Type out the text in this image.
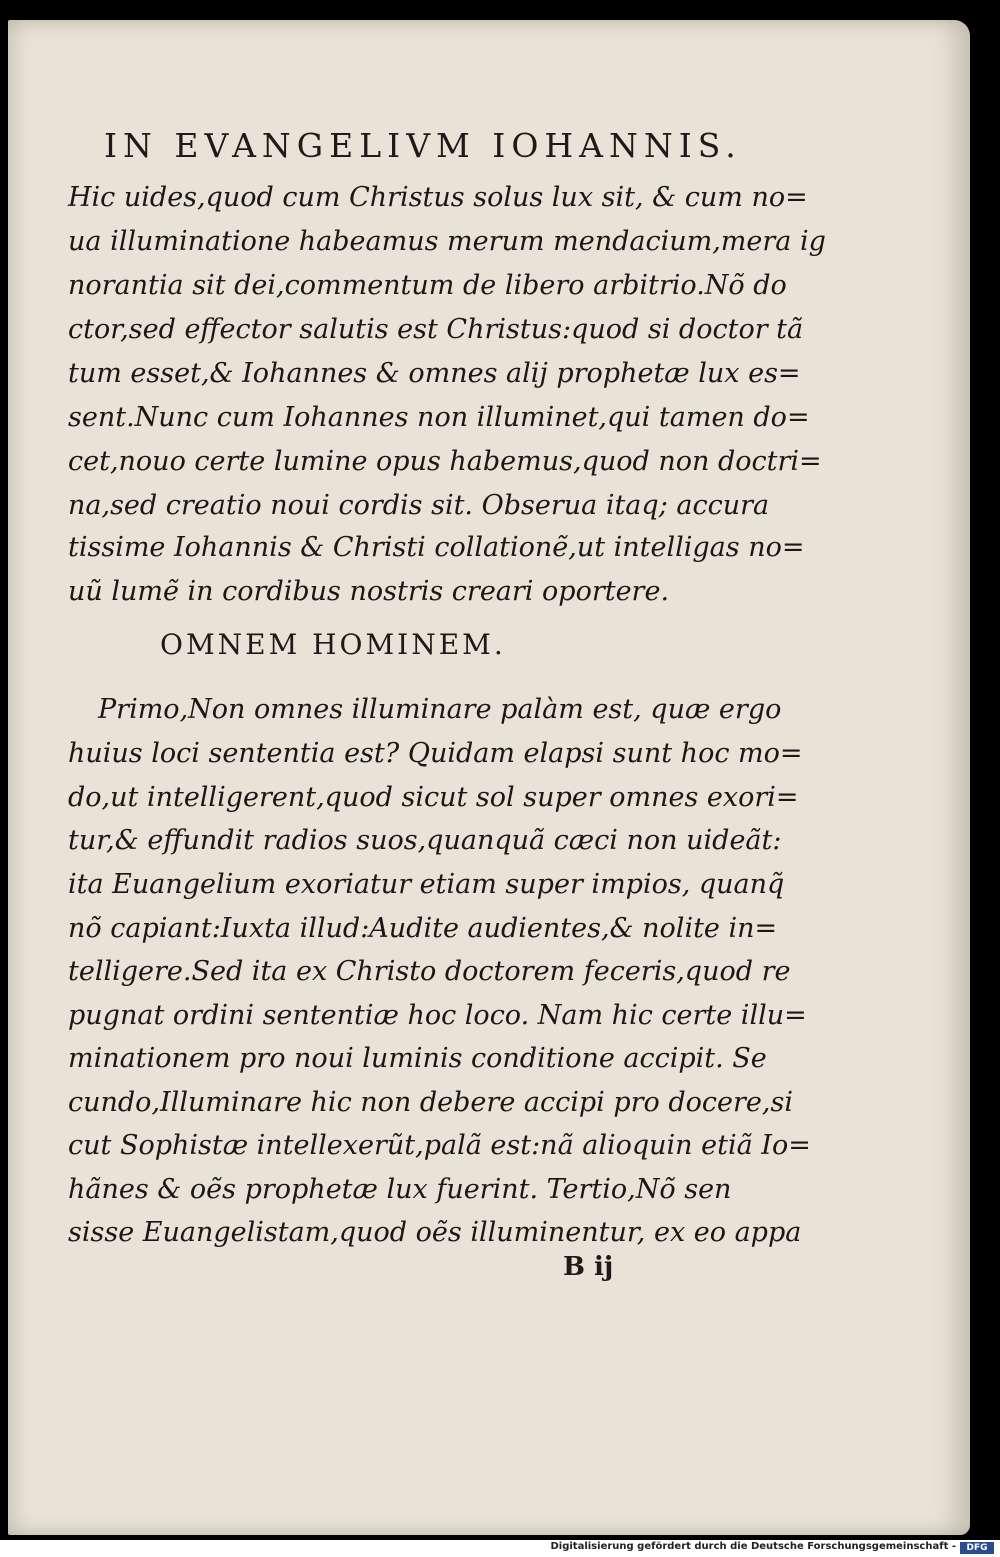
IN EVANGELIVM IOHANNIS.
Hic uides,quod cum Christus solus lux sit, & cum no=
ua illuminatione habeamus merum mendacium,mera ig
norantia sit dei,commentum de libero arbitrio.Nõ do
ctor,sed effector salutis est Christus:quod si doctor tã
tum esset,& Iohannes & omnes alij prophetæ lux es=
sent.Nunc cum Iohannes non illuminet,qui tamen do=
cet,nouo certe lumine opus habemus,quod non doctri=
na,sed creatio noui cordis sit. Obserua itaq; accura
tissime Iohannis & Christi collationẽ,ut intelligas no=
uũ lumẽ in cordibus nostris creari oportere.
OMNEM HOMINEM.
Primo,Non omnes illuminare palàm est, quæ ergo
huius loci sententia est? Quidam elapsi sunt hoc mo=
do,ut intelligerent,quod sicut sol super omnes exori=
tur,& effundit radios suos,quanquã cæci non uideãt:
ita Euangelium exoriatur etiam super impios, quanq̃
nõ capiant:Iuxta illud:Audite audientes,& nolite in=
telligere.Sed ita ex Christo doctorem feceris,quod re
pugnat ordini sententiæ hoc loco. Nam hic certe illu=
minationem pro noui luminis conditione accipit. Se
cundo,Illuminare hic non debere accipi pro docere,si
cut Sophistæ intellexerũt,palã est:nã alioquin etiã Io=
hãnes & oẽs prophetæ lux fuerint. Tertio,Nõ sen
sisse Euangelistam,quod oẽs illuminentur, ex eo appa
B ij
Digitalisierung gefördert durch die Deutsche Forschungsgemeinschaft -	DFG
